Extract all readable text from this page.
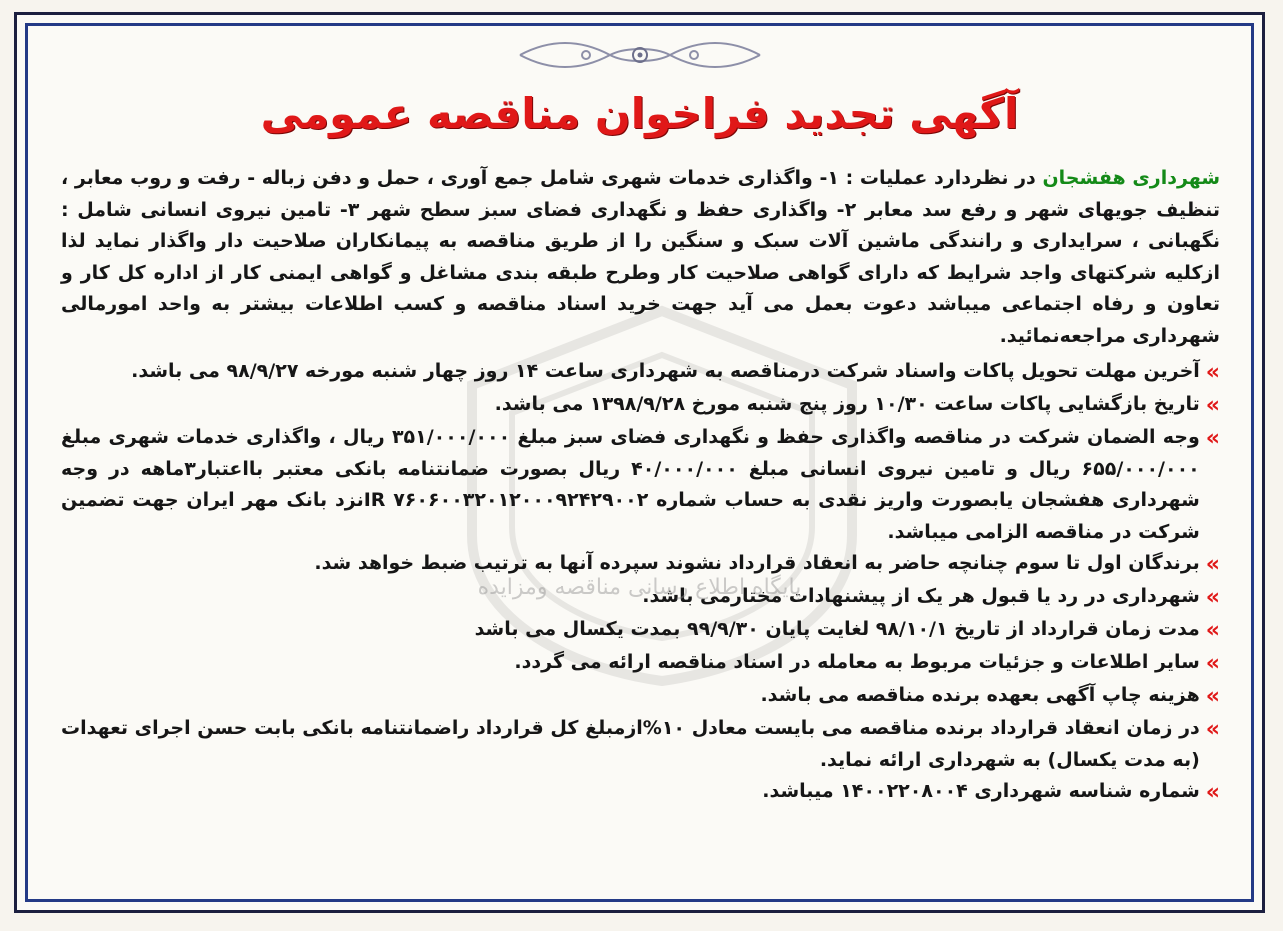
آگهی تجدید فراخوان مناقصه عمومی

شهرداری هفشجان در نظردارد عملیات : ۱- واگذاری خدمات شهری شامل جمع آوری ، حمل و دفن زباله - رفت و روب معابر ، تنظیف جویهای شهر و رفع سد معابر ۲- واگذاری حفظ و نگهداری فضای سبز سطح شهر ۳- تامین نیروی انسانی شامل : نگهبانی ، سرایداری و رانندگی ماشین آلات سبک و سنگین را از طریق مناقصه به پیمانکاران صلاحیت دار واگذار نماید لذا ازکلیه شرکتهای واجد شرایط که دارای گواهی صلاحیت کار وطرح طبقه بندی مشاغل و گواهی ایمنی کار از اداره کل کار و تعاون و رفاه اجتماعی میباشد دعوت بعمل می آید جهت خرید اسناد مناقصه و کسب اطلاعات بیشتر به واحد امورمالی شهرداری مراجعه‌نمائید.

»
آخرین مهلت تحویل پاکات واسناد شرکت درمناقصه به شهرداری ساعت ۱۴ روز چهار شنبه مورخه ۹۸/۹/۲۷ می باشد.
»
تاریخ بازگشایی پاکات ساعت ۱۰/۳۰ روز پنج شنبه مورخ ۱۳۹۸/۹/۲۸ می باشد.
»
وجه الضمان شرکت در مناقصه واگذاری حفظ و نگهداری فضای سبز مبلغ ۳۵۱/۰۰۰/۰۰۰ ریال ، واگذاری خدمات شهری مبلغ ۶۵۵/۰۰۰/۰۰۰ ریال و تامین نیروی انسانی مبلغ ۴۰/۰۰۰/۰۰۰ ریال بصورت ضمانتنامه بانکی معتبر بااعتبار۳ماهه در وجه شهرداری هفشجان یابصورت واریز نقدی به حساب شماره IR ۷۶۰۶۰۰۳۲۰۱۲۰۰۰۹۲۴۲۹۰۰۲نزد بانک مهر ایران جهت تضمین شرکت در مناقصه الزامی میباشد.
»
برندگان اول تا سوم چنانچه حاضر به انعقاد قرارداد نشوند سپرده آنها به ترتیب ضبط خواهد شد.
»
شهرداری در رد یا قبول هر یک از پیشنهادات مختارمی باشد.
»
مدت زمان قرارداد از تاریخ ۹۸/۱۰/۱ لغایت پایان ۹۹/۹/۳۰ بمدت یکسال می باشد
»
سایر اطلاعات و جزئیات مربوط به معامله در اسناد مناقصه ارائه می گردد.
»
هزینه چاپ آگهی بعهده برنده مناقصه می باشد.
»
در زمان انعقاد قرارداد برنده مناقصه می بایست معادل ۱۰%ازمبلغ کل قرارداد راضمانتنامه بانکی بابت حسن اجرای تعهدات (به مدت یکسال) به شهرداری ارائه نماید.
»
شماره شناسه شهرداری ۱۴۰۰۲۲۰۸۰۰۴ میباشد.
پایگاه اطلاع رسانی مناقصه ومزایده
